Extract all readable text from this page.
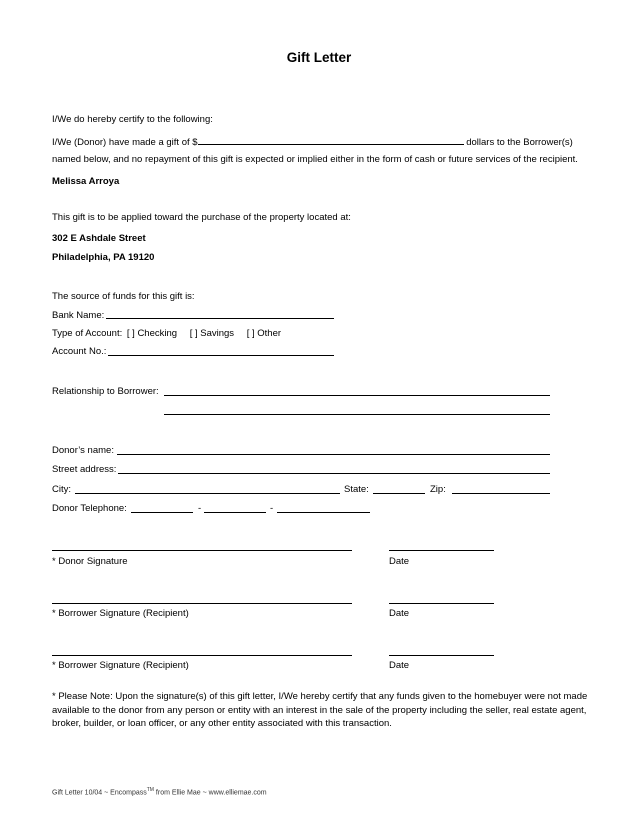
Gift Letter
I/We do hereby certify to the following:
I/We (Donor) have made a gift of $	dollars to the Borrower(s)
named below, and no repayment of this gift is expected or implied either in the form of cash or future services of the recipient.
Melissa Arroya
This gift is to be applied toward the purchase of the property located at:
302 E Ashdale Street
Philadelphia, PA 19120
The source of funds for this gift is:
Bank Name:
Type of Account: [ ] Checking [ ] Savings [ ] Other
Account No.:
Relationship to Borrower:
Donor’s name:
Street address:
City:	State:	Zip:
Donor Telephone:	-	-
* Donor Signature	Date
* Borrower Signature (Recipient)	Date
* Borrower Signature (Recipient)	Date
* Please Note: Upon the signature(s) of this gift letter, I/We hereby certify that any funds given to the homebuyer were not made available to the donor from any person or entity with an interest in the sale of the property including the seller, real estate agent, broker, builder, or loan officer, or any other entity associated with this transaction.
Gift Letter 10/04 ~ Encompass™ from Ellie Mae ~ www.elliemae.com
